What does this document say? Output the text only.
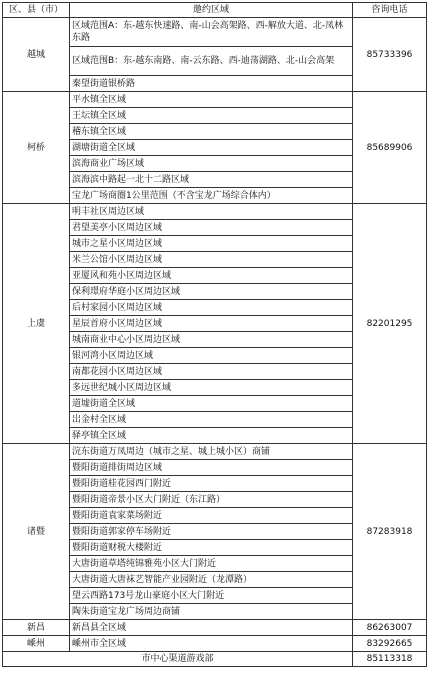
区、县（市）	邀约区域	咨询电话
越城	区域范围A：东-越东快速路、南-山会高架路、西-解放大道、北-凤林东路	85733396
	区域范围B：东-越东南路、南-云东路、西-迪荡湖路、北-山会高架	
	秦望街道银桥路	
柯桥	平水镇全区域	85689906
	王坛镇全区域	
	稽东镇全区域	
	湖塘街道全区域	
	滨海商业广场区域	
	滨海滨中路起一北十二路区域	
	宝龙广场商圈1公里范围（不含宝龙广场综合体内）	
上虞	明丰社区周边区域	82201295
	君望美亭小区周边区域	
	城市之星小区周边区域	
	米兰公馆小区周边区域	
	亚厦风和苑小区周边区域	
	保利璟府华庭小区周边区域	
	后村家园小区周边区域	
	星辰首府小区周边区域	
	城南商业中心小区周边区域	
	银河湾小区周边区域	
	南都花园小区周边区域	
	多远世纪城小区周边区域	
	道墟街道全区域	
	岀金村全区域	
	驿亭镇全区域	
诸暨	浣东街道万凤周边（城市之星、城上城小区）商铺	87283918
	暨阳街道排街周边区域	
	暨阳街道桂花园西门附近	
	暨阳街道帝景小区大门附近（东江路）	
	暨阳街道袁家菜场附近	
	暨阳街道郭家停车场附近	
	暨阳街道财税大楼附近	
	大唐街道草塔纯锦雅苑小区大门附近	
	大唐街道大唐袜艺智能产业园附近（龙潭路）	
	望云西路173号龙山豪庭小区大门附近	
	陶朱街道宝龙广场周边商铺	
新昌	新昌县全区域	86263007
嵊州	嵊州市全区域	83292665
市中心渠道游戏部		85113318
